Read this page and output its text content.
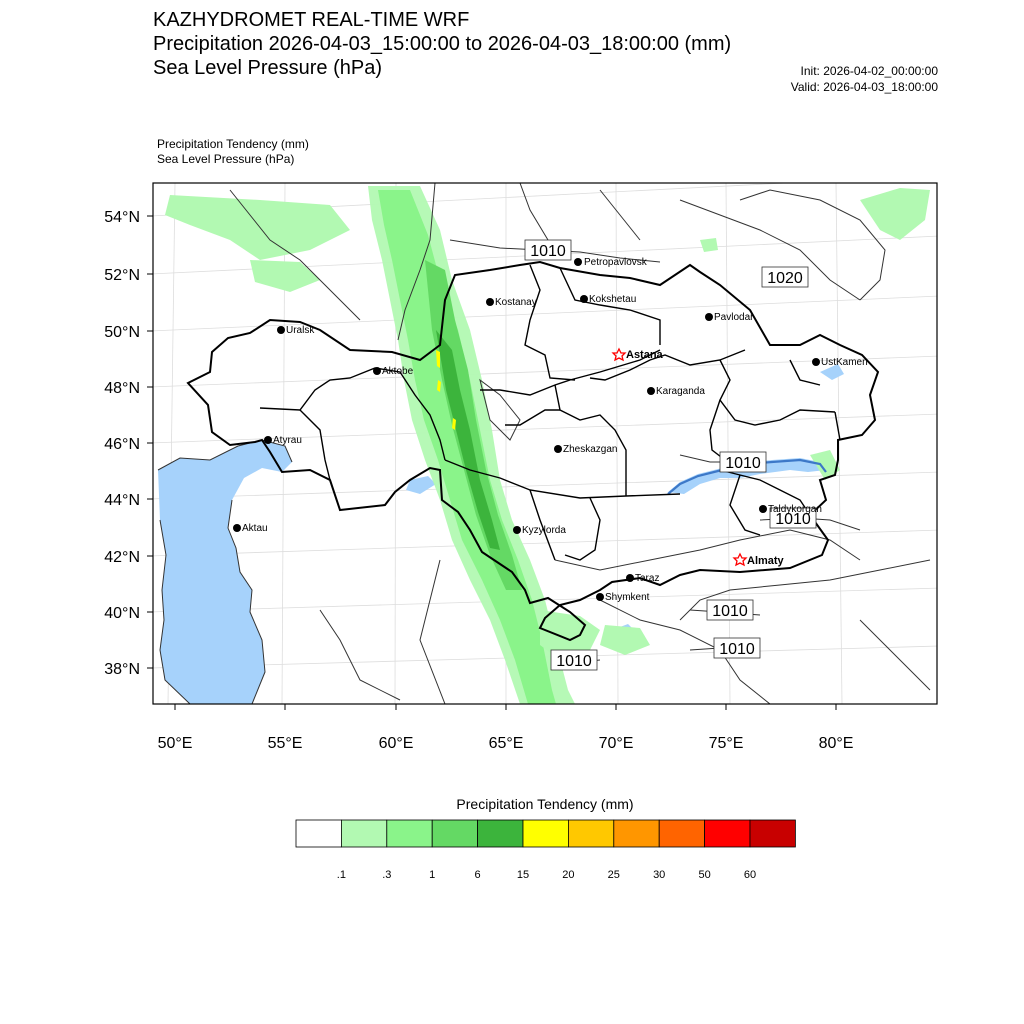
KAZHYDROMET REAL-TIME WRF
Precipitation 2026-04-03_15:00:00 to 2026-04-03_18:00:00 (mm)
Sea Level Pressure (hPa)	Init: 2026-04-02_00:00:00
Valid: 2026-04-03_18:00:00
Precipitation Tendency (mm)
Sea Level Pressure (hPa)
54°N
52°N
50°N
48°N
46°N
44°N
42°N
40°N
38°N
50°E	55°E	60°E	65°E	70°E	75°E	80°E
1010
1020
1010
1010
1010
1010
1010
Petropavlovsk
Kostanay	Kokshetau
Pavlodar
Uralsk
Aktobe
Astana
UstKamen
Karaganda
Atyrau
Zheskazgan
Aktau	Kyzylorda
Taldykorgan
Almaty
Taraz
Shymkent
.1	.3	1	6	15	20	25	30	50	60
Precipitation Tendency (mm)
